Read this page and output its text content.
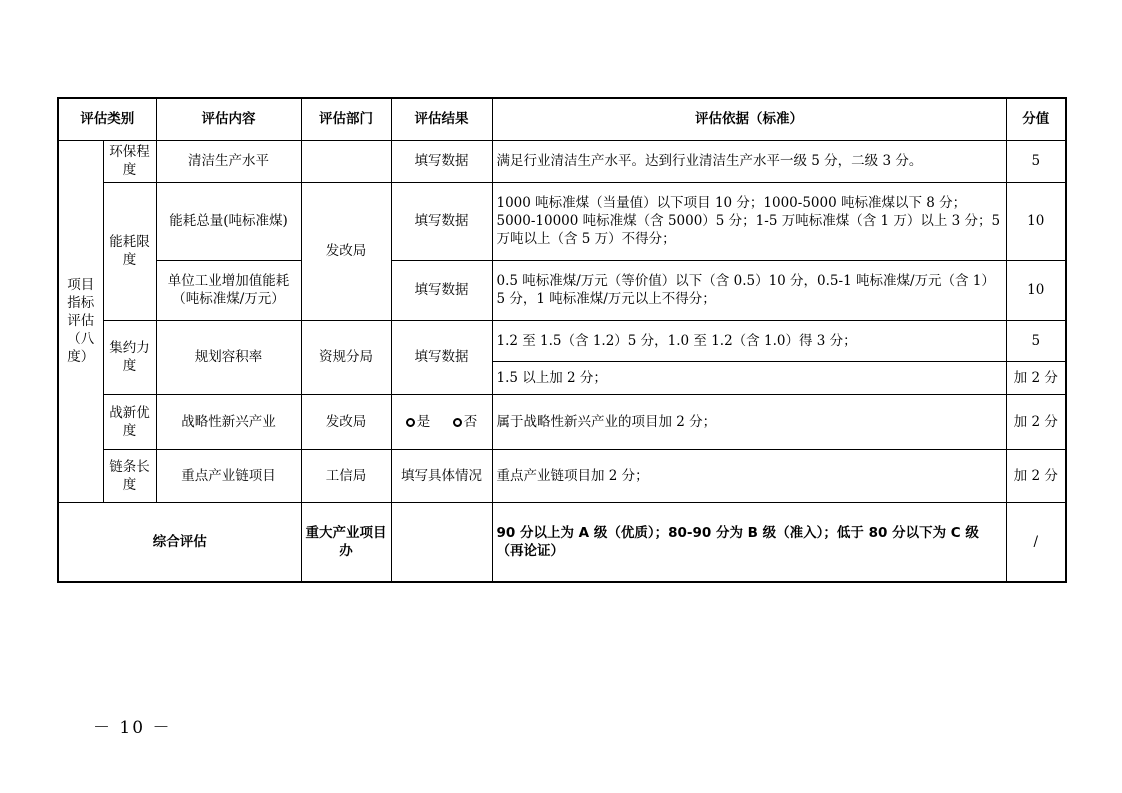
评估类别		评估内容	评估部门	评估结果	评估依据（标准）	分值
项目指标评估（八度）	环保程度	清洁生产水平		填写数据	满足行业清洁生产水平。达到行业清洁生产水平一级 5 分，二级 3 分。	5
	能耗限度	能耗总量(吨标准煤)	发改局	填写数据	1000 吨标准煤（当量值）以下项目 10 分；1000-5000 吨标准煤以下 8 分；5000-10000 吨标准煤（含 5000）5 分；1-5 万吨标准煤（含 1 万）以上 3 分；5 万吨以上（含 5 万）不得分；	10
		单位工业增加值能耗（吨标准煤/万元）		填写数据	0.5 吨标准煤/万元（等价值）以下（含 0.5）10 分，0.5-1 吨标准煤/万元（含 1）5 分，1 吨标准煤/万元以上不得分；	10
	集约力度	规划容积率	资规分局	填写数据	1.2 至 1.5（含 1.2）5 分，1.0 至 1.2（含 1.0）得 3 分；	5
					1.5 以上加 2 分；	加 2 分
	战新优度	战略性新兴产业	发改局	是 否	属于战略性新兴产业的项目加 2 分；	加 2 分
	链条长度	重点产业链项目	工信局	填写具体情况	重点产业链项目加 2 分；	加 2 分
综合评估			重大产业项目办		90 分以上为 A 级（优质）；80-90 分为 B 级（准入）；低于 80 分以下为 C 级（再论证）	/
－ 10 －
